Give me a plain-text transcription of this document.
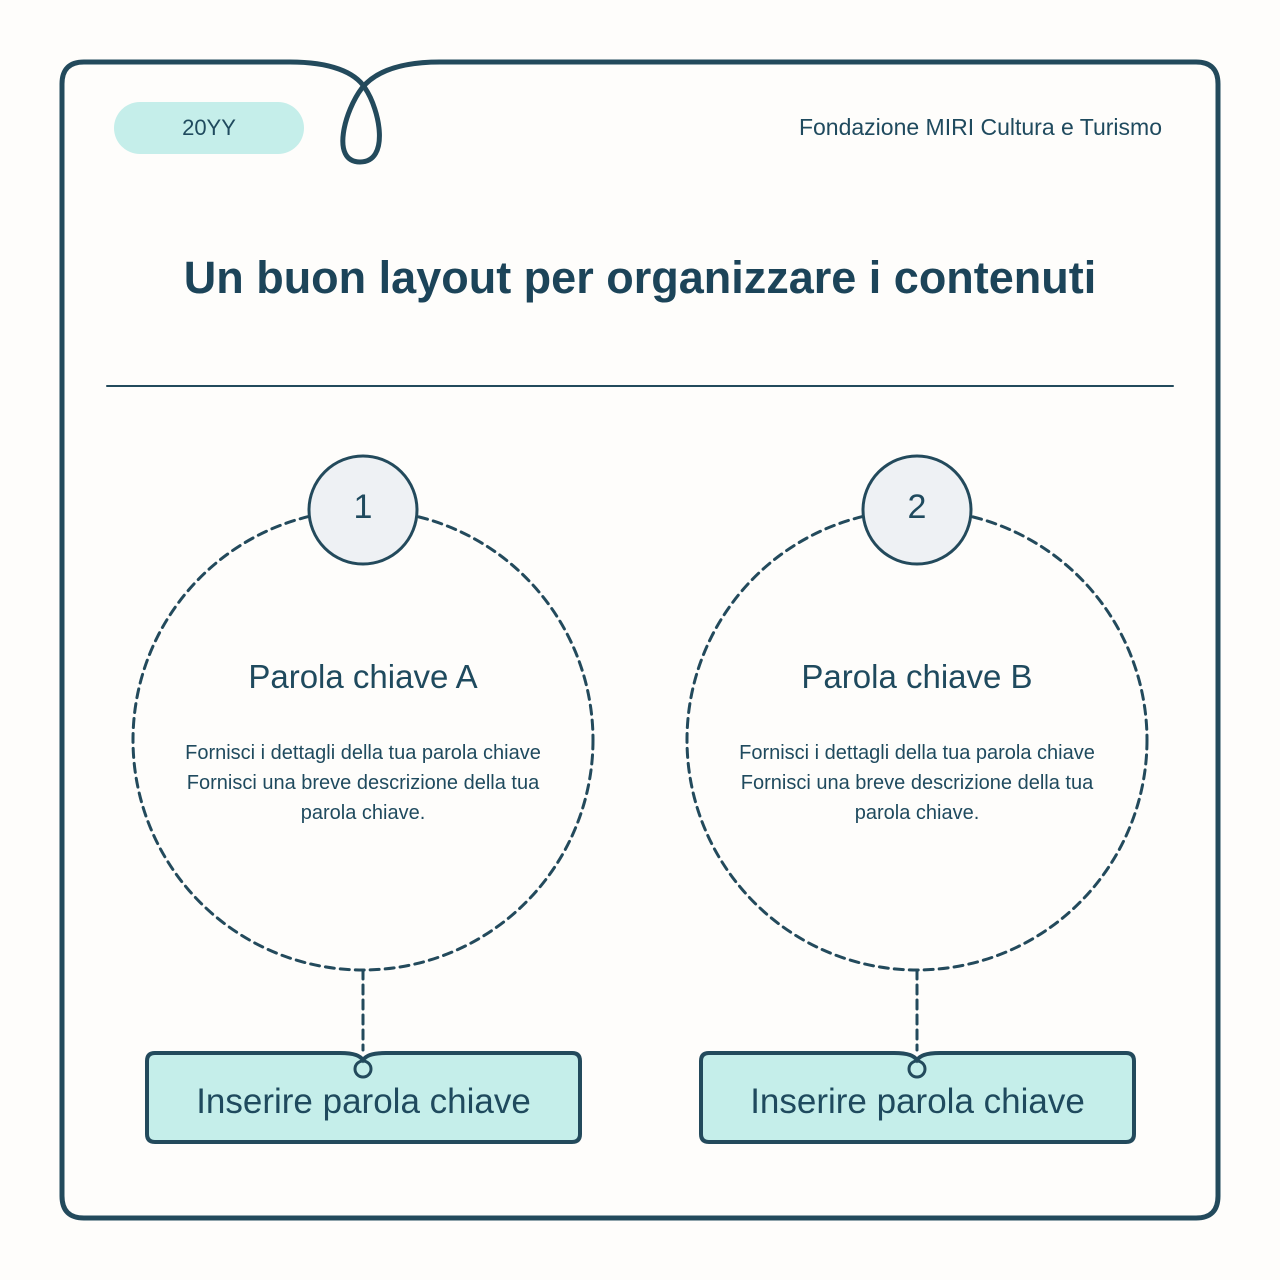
20YY	Fondazione MIRI Cultura e Turismo
Un buon layout per organizzare i contenuti
1	2
Parola chiave A	Parola chiave B
Fornisci i dettagli della tua parola chiave Fornisci una breve descrizione della tua parola chiave.
Fornisci i dettagli della tua parola chiave Fornisci una breve descrizione della tua parola chiave.
Inserire parola chiave	Inserire parola chiave
